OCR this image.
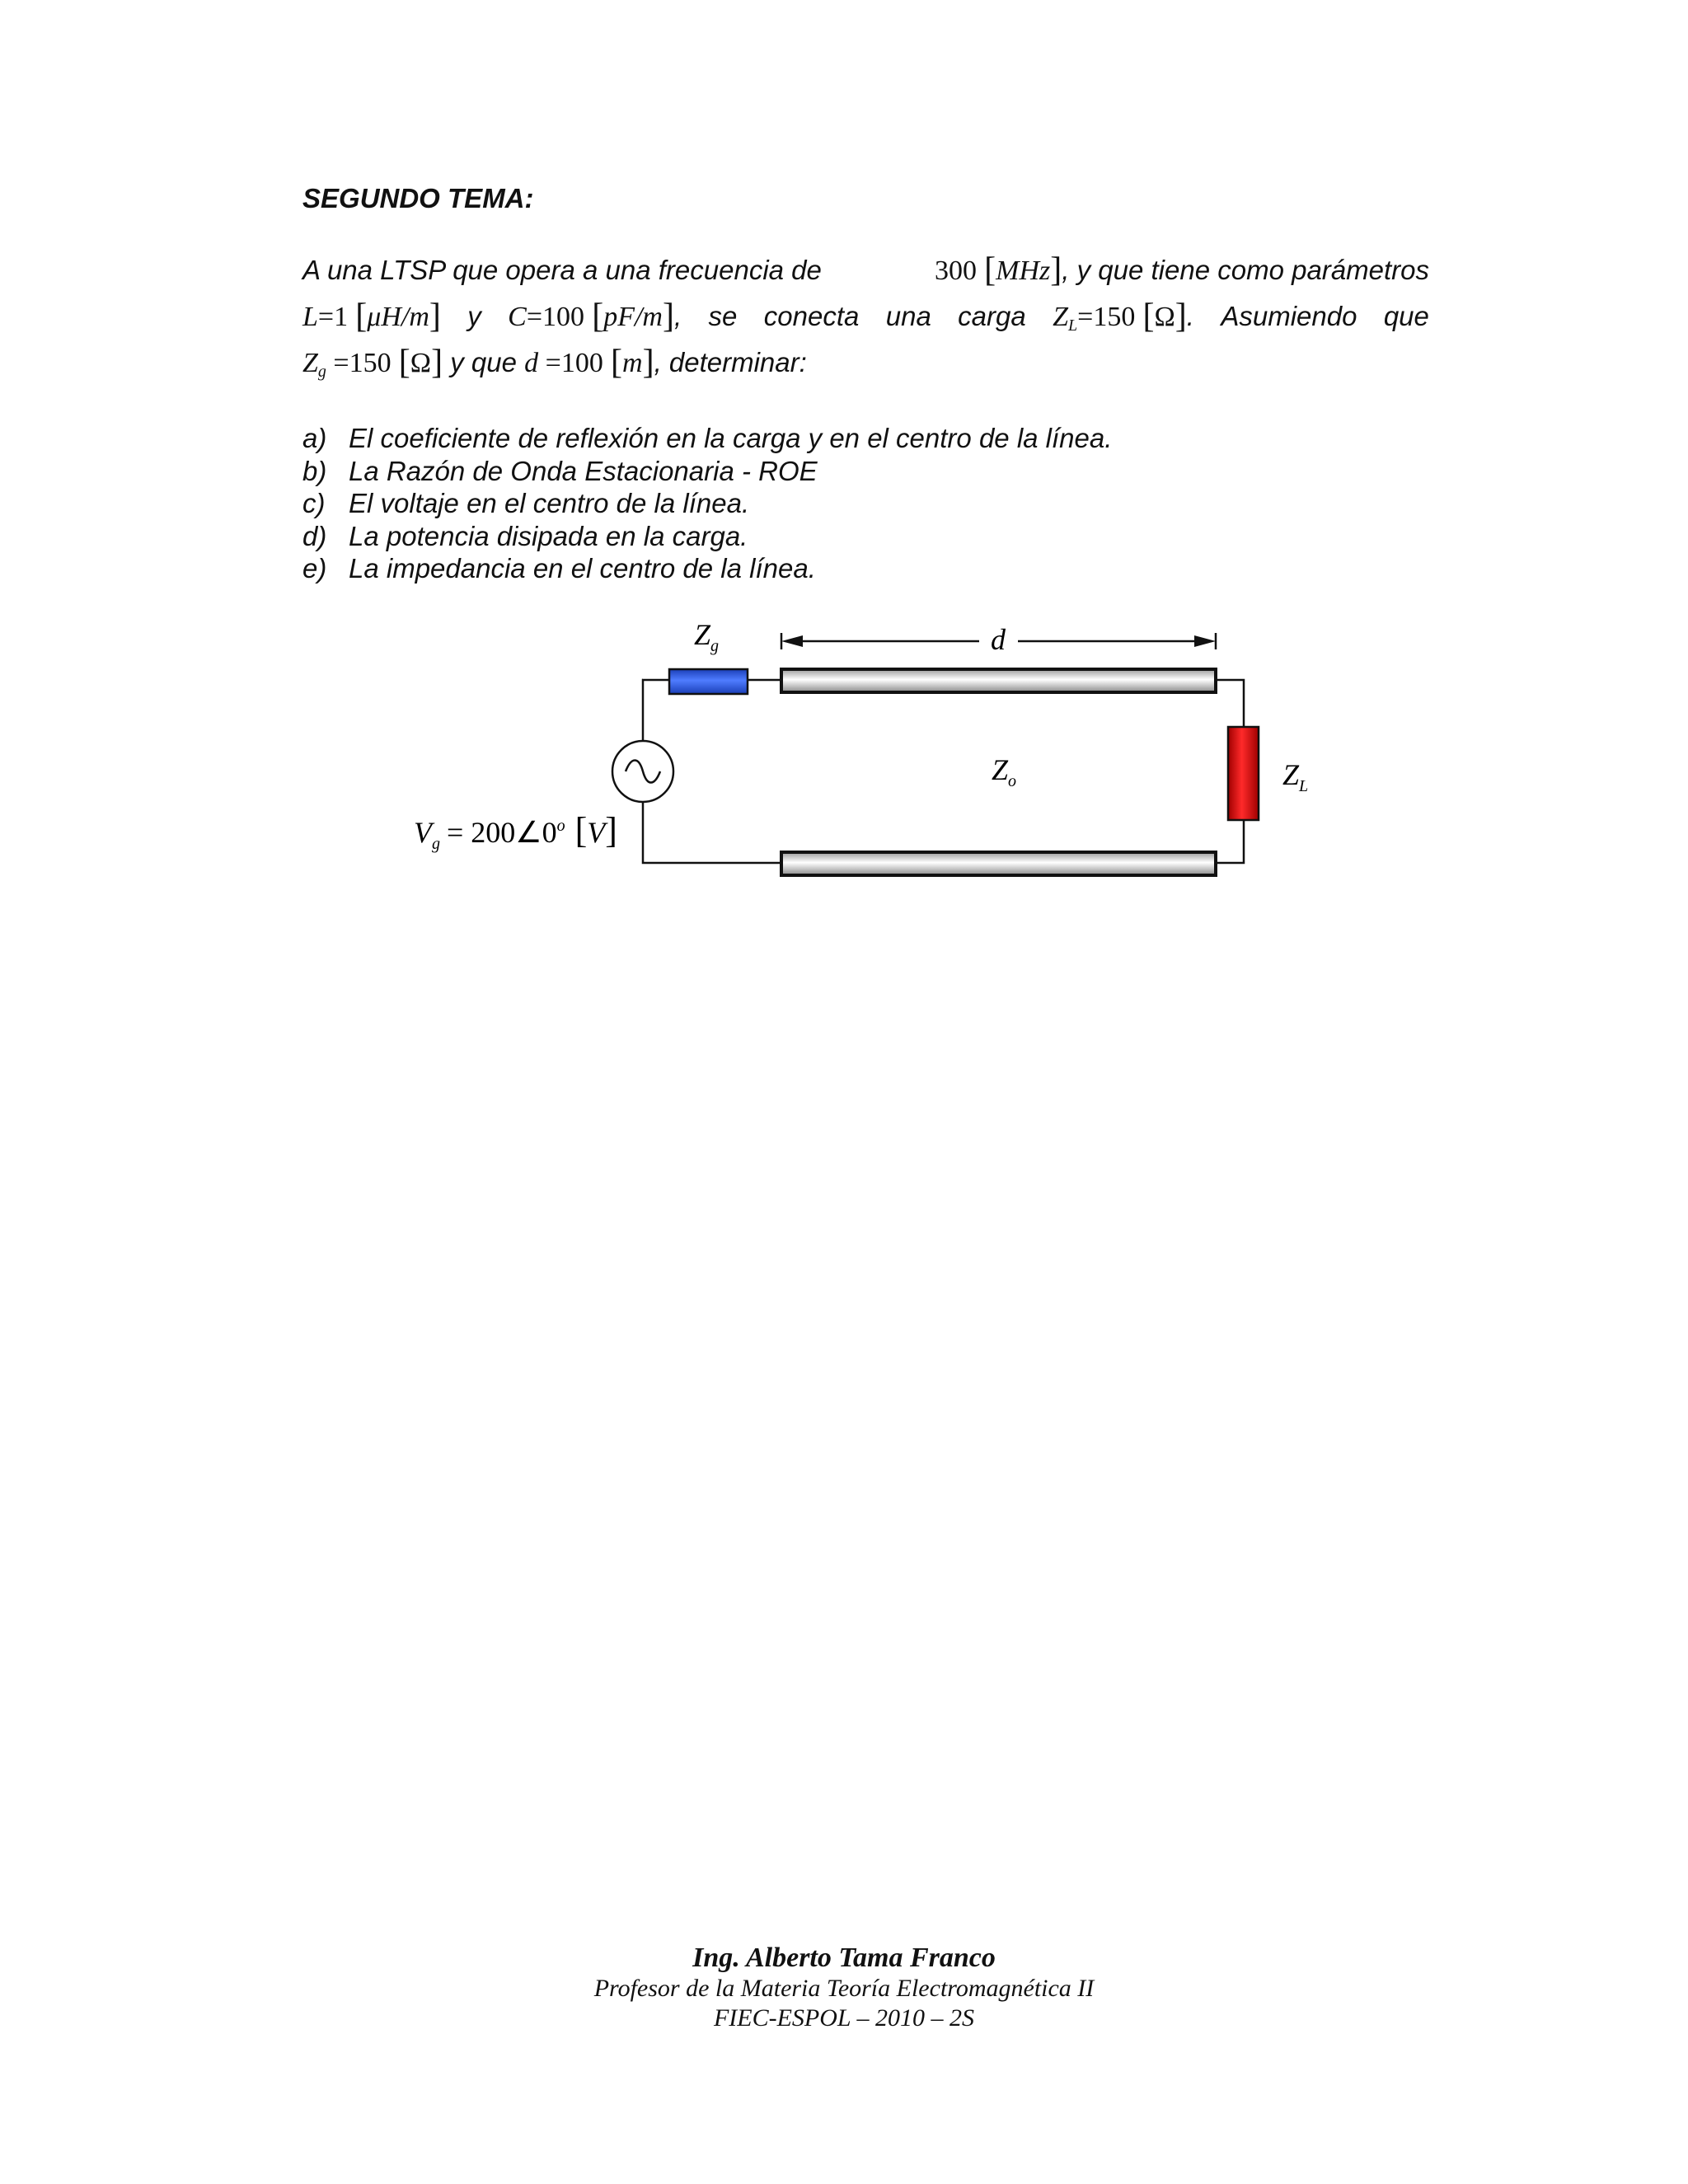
SEGUNDO TEMA:
A una LTSP que opera a una frecuencia de	300 [MHz], y que tiene como parámetros
L=1 [μH/m] y C=100 [pF/m], se conecta una carga $Z_L=150$ [Ω]. Asumiendo que
$Z_g =150$ [Ω] y que d =100 [m], determinar:
a) El coeficiente de reflexión en la carga y en el centro de la línea.
b) La Razón de Onda Estacionaria - ROE
c) El voltaje en el centro de la línea.
d) La potencia disipada en la carga.
e) La impedancia en el centro de la línea.
$Z_g$	d
$Z_o$	$Z_L$
$V_g$ = $200\angle 0^o$ [V]
Ing. Alberto Tama Franco
Profesor de la Materia Teoría Electromagnética II
FIEC-ESPOL – 2010 – 2S
